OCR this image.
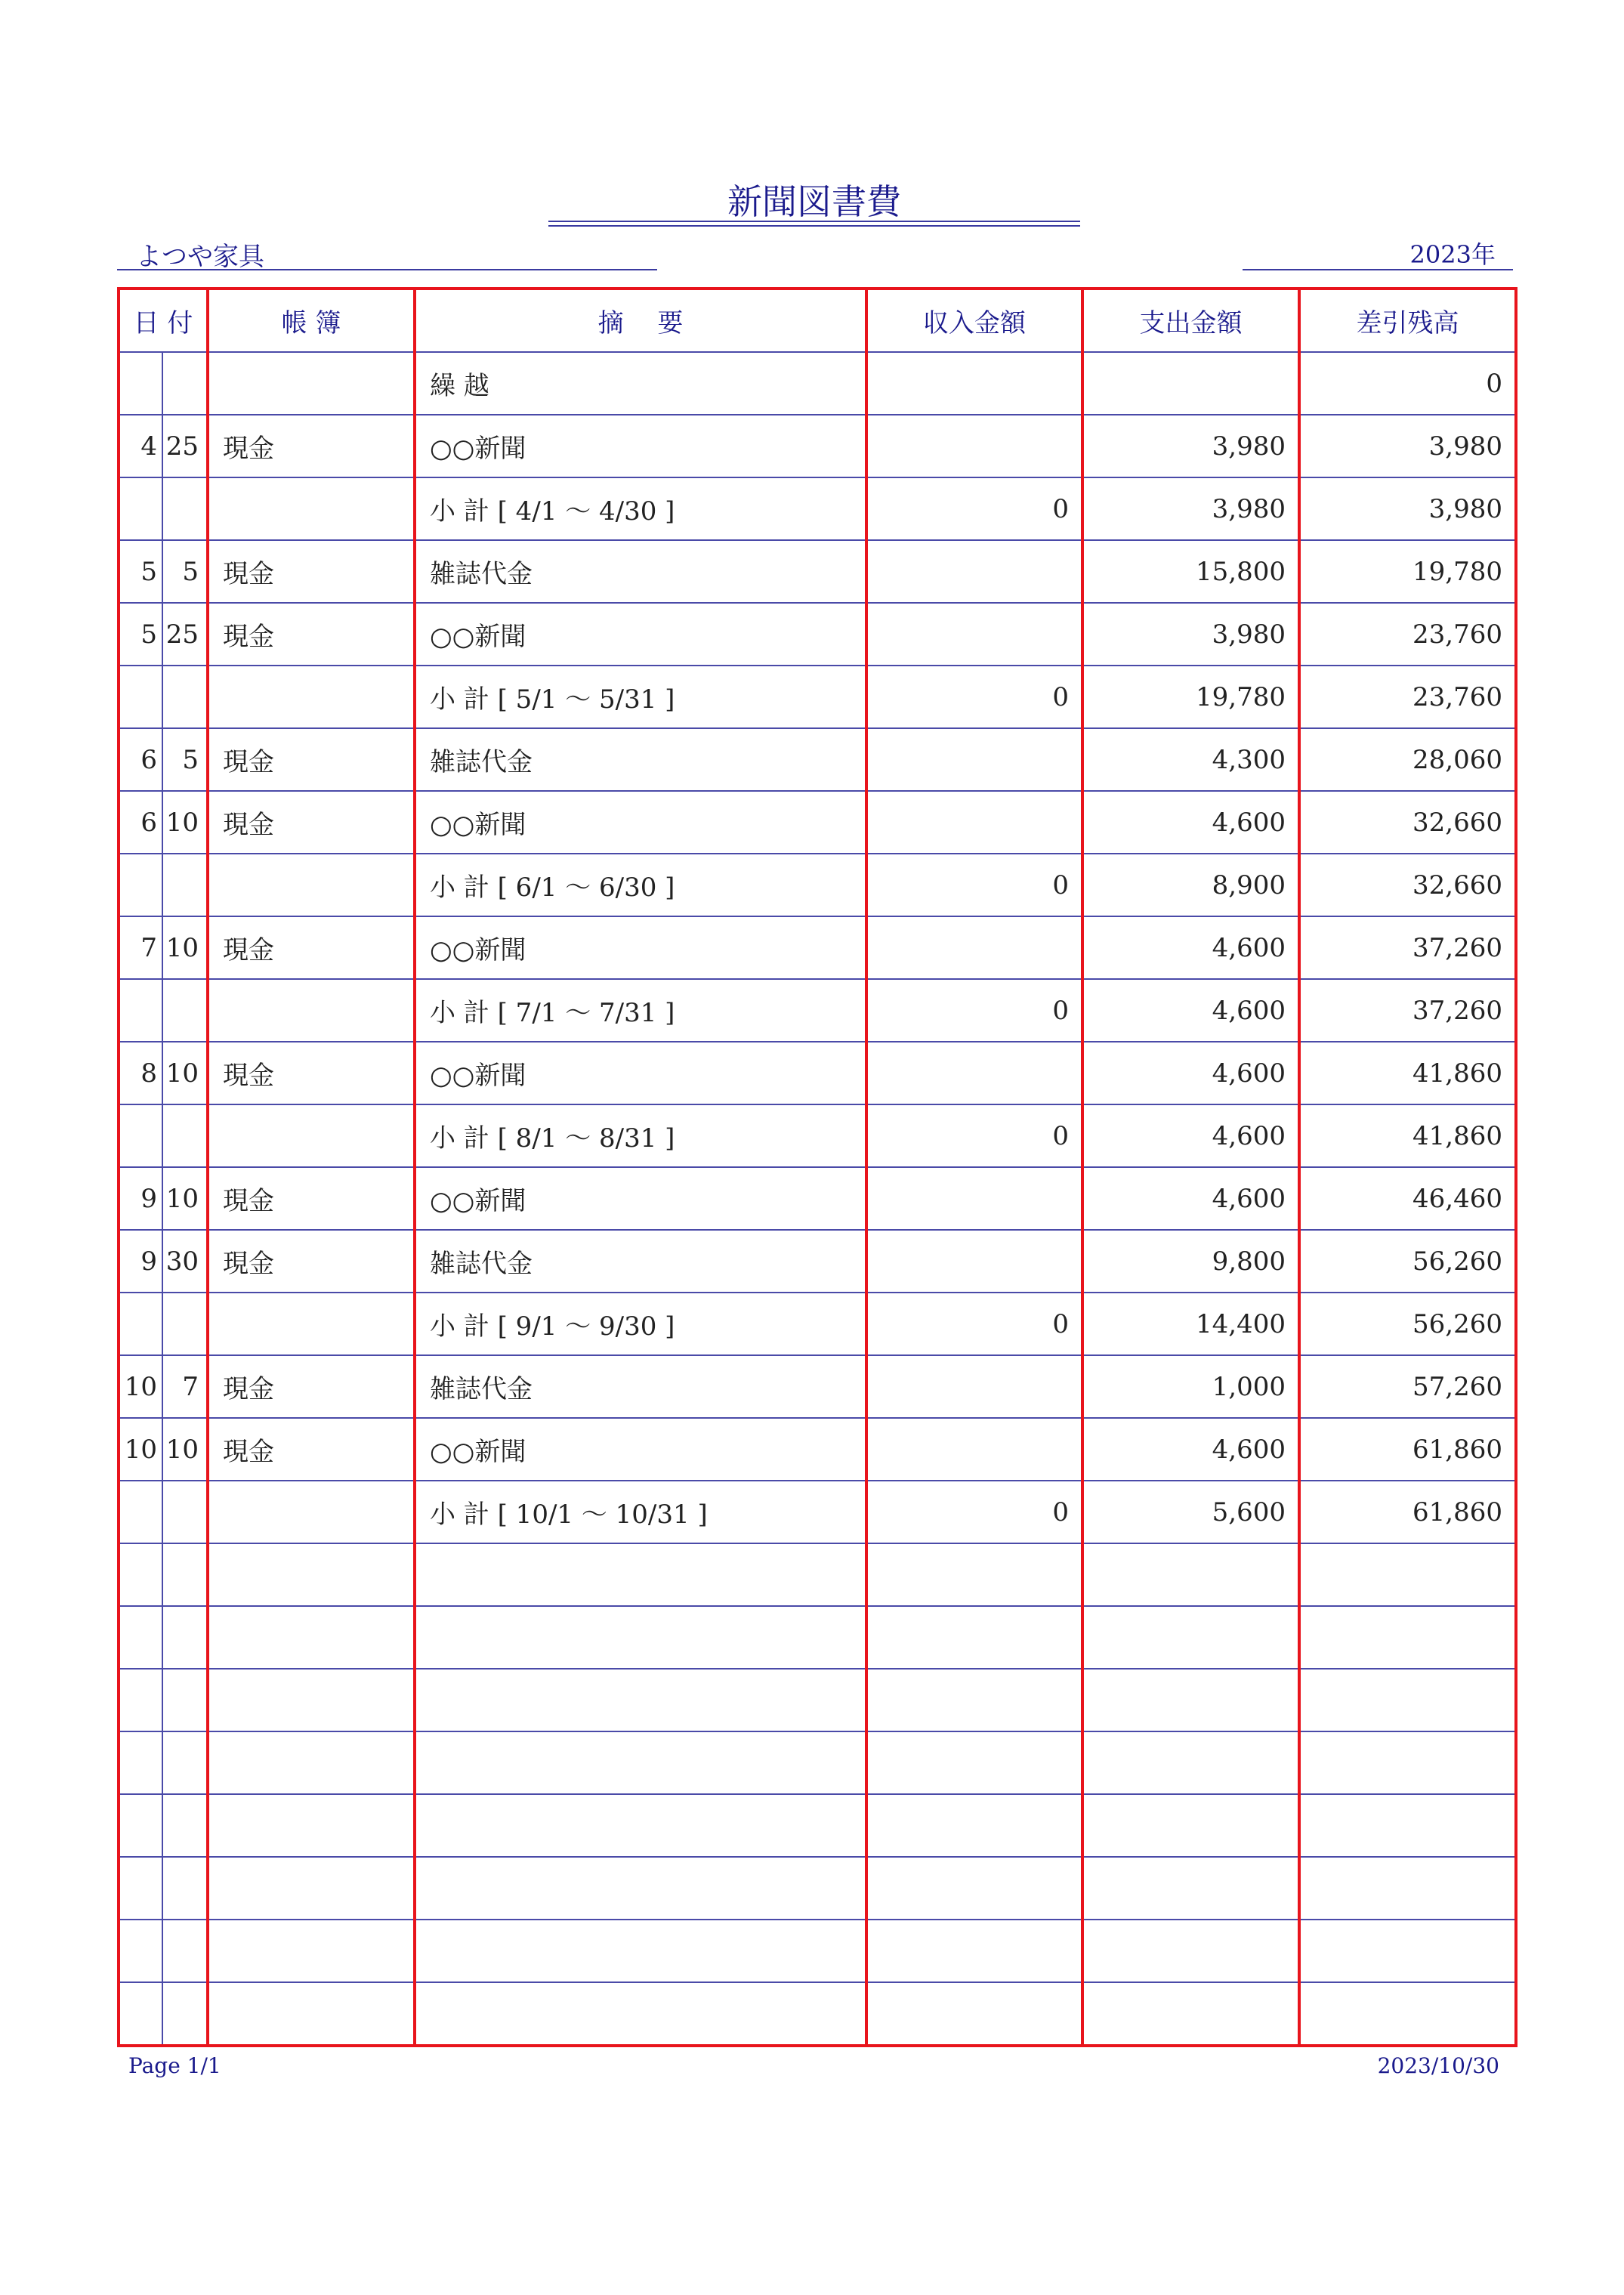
新聞図書費
よつや家具	2023年
日 付		帳 簿	摘　 要	収入金額	支出金額	差引残高
			繰 越			0
4	25	現金	○○新聞		3,980	3,980
			小 計 [ 4/1 ～ 4/30 ]	0	3,980	3,980
5	5	現金	雑誌代金		15,800	19,780
5	25	現金	○○新聞		3,980	23,760
			小 計 [ 5/1 ～ 5/31 ]	0	19,780	23,760
6	5	現金	雑誌代金		4,300	28,060
6	10	現金	○○新聞		4,600	32,660
			小 計 [ 6/1 ～ 6/30 ]	0	8,900	32,660
7	10	現金	○○新聞		4,600	37,260
			小 計 [ 7/1 ～ 7/31 ]	0	4,600	37,260
8	10	現金	○○新聞		4,600	41,860
			小 計 [ 8/1 ～ 8/31 ]	0	4,600	41,860
9	10	現金	○○新聞		4,600	46,460
9	30	現金	雑誌代金		9,800	56,260
			小 計 [ 9/1 ～ 9/30 ]	0	14,400	56,260
10	7	現金	雑誌代金		1,000	57,260
10	10	現金	○○新聞		4,600	61,860
			小 計 [ 10/1 ～ 10/31 ]	0	5,600	61,860

Page 1/1	2023/10/30
